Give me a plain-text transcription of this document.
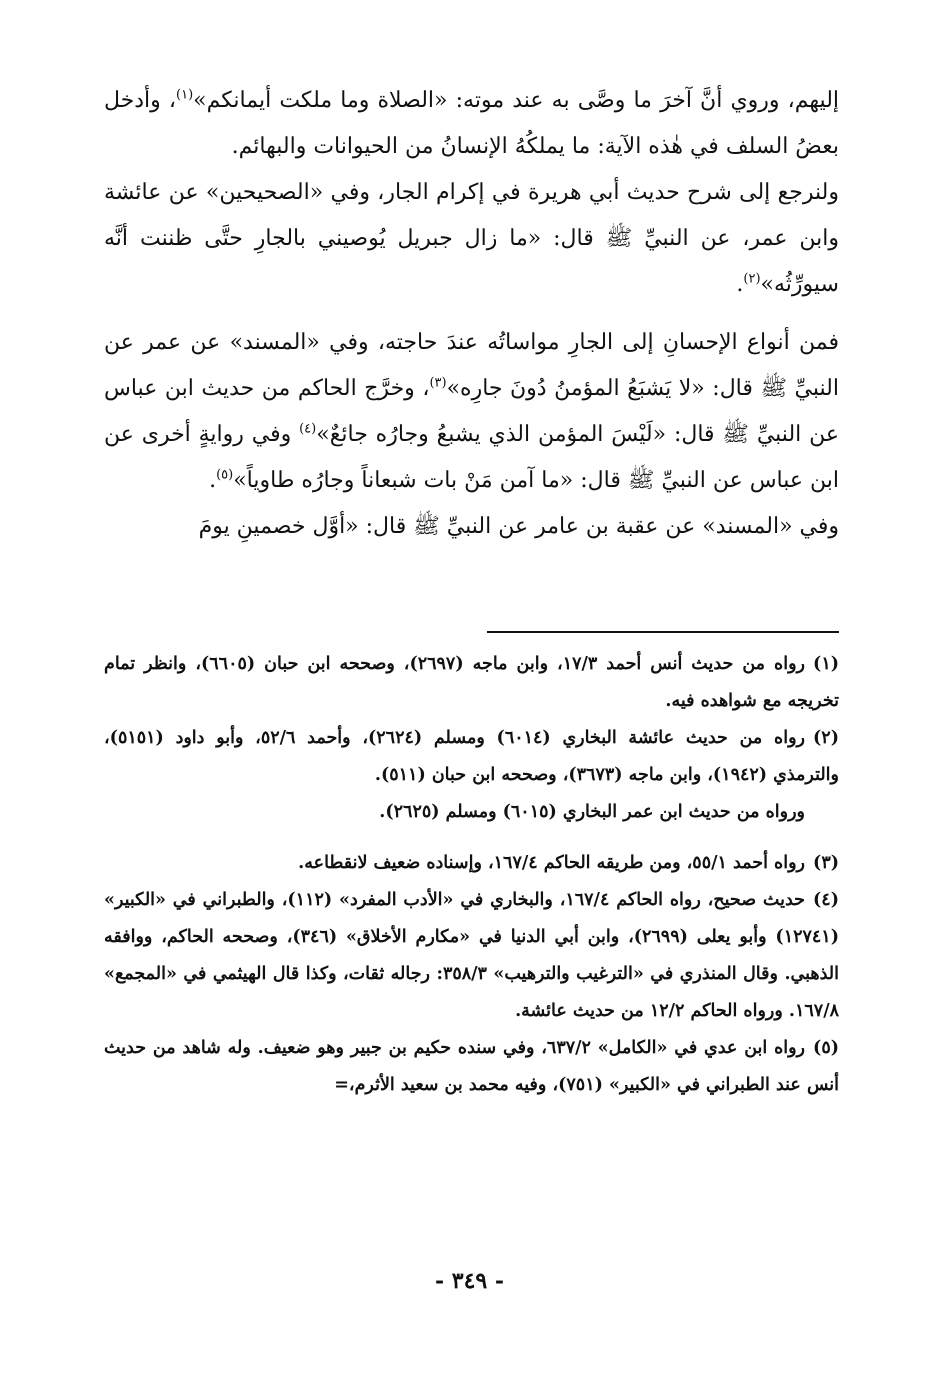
إليهم، وروي أنَّ آخرَ ما وصَّى به عند موته: «الصلاة وما ملكت أيمانكم»$^{(١)}$، وأدخل بعضُ السلف في هٰذه الآية: ما يملكُهُ الإنسانُ من الحيوانات والبهائم.

ولنرجع إلى شرح حديث أبي هريرة في إكرام الجار، وفي «الصحيحين» عن عائشة وابن عمر، عن النبيِّ ﷺ قال: «ما زال جبريل يُوصيني بالجارِ حتَّى ظننت أنَّه سيورِّثُه»$^{(٢)}$.

فمن أنواع الإحسانِ إلى الجارِ مواساتُه عندَ حاجته، وفي «المسند» عن عمر عن النبيِّ ﷺ قال: «لا يَشبَعُ المؤمنُ دُونَ جارِه»$^{(٣)}$، وخرَّج الحاكم من حديث ابن عباس عن النبيِّ ﷺ قال: «لَيْسَ المؤمن الذي يشبعُ وجارُه جائعٌ»$^{(٤)}$ وفي روايةٍ أخرى عن ابن عباس عن النبيِّ ﷺ قال: «ما آمن مَنْ بات شبعاناً وجارُه طاوياً»$^{(٥)}$.

وفي «المسند» عن عقبة بن عامر عن النبيِّ ﷺ قال: «أوَّل خصمينِ يومَ

(١)رواه من حديث أنس أحمد ١٧/٣، وابن ماجه (٢٦٩٧)، وصححه ابن حبان (٦٦٠٥)، وانظر تمام تخريجه مع شواهده فيه.

(٢)رواه من حديث عائشة البخاري (٦٠١٤) ومسلم (٢٦٢٤)، وأحمد ٥٢/٦، وأبو داود (٥١٥١)، والترمذي (١٩٤٢)، وابن ماجه (٣٦٧٣)، وصححه ابن حبان (٥١١).
ورواه من حديث ابن عمر البخاري (٦٠١٥) ومسلم (٢٦٢٥).

(٣)رواه أحمد ٥٥/١، ومن طريقه الحاكم ١٦٧/٤، وإسناده ضعيف لانقطاعه.

(٤)حديث صحيح، رواه الحاكم ١٦٧/٤، والبخاري في «الأدب المفرد» (١١٢)، والطبراني في «الكبير» (١٢٧٤١) وأبو يعلى (٢٦٩٩)، وابن أبي الدنيا في «مكارم الأخلاق» (٣٤٦)، وصححه الحاكم، ووافقه الذهبي. وقال المنذري في «الترغيب والترهيب» ٣٥٨/٣: رجاله ثقات، وكذا قال الهيثمي في «المجمع» ١٦٧/٨. ورواه الحاكم ١٢/٢ من حديث عائشة.

(٥)رواه ابن عدي في «الكامل» ٦٣٧/٢، وفي سنده حكيم بن جبير وهو ضعيف. وله شاهد من حديث أنس عند الطبراني في «الكبير» (٧٥١)، وفيه محمد بن سعيد الأثرم،=

- ٣٤٩ -
